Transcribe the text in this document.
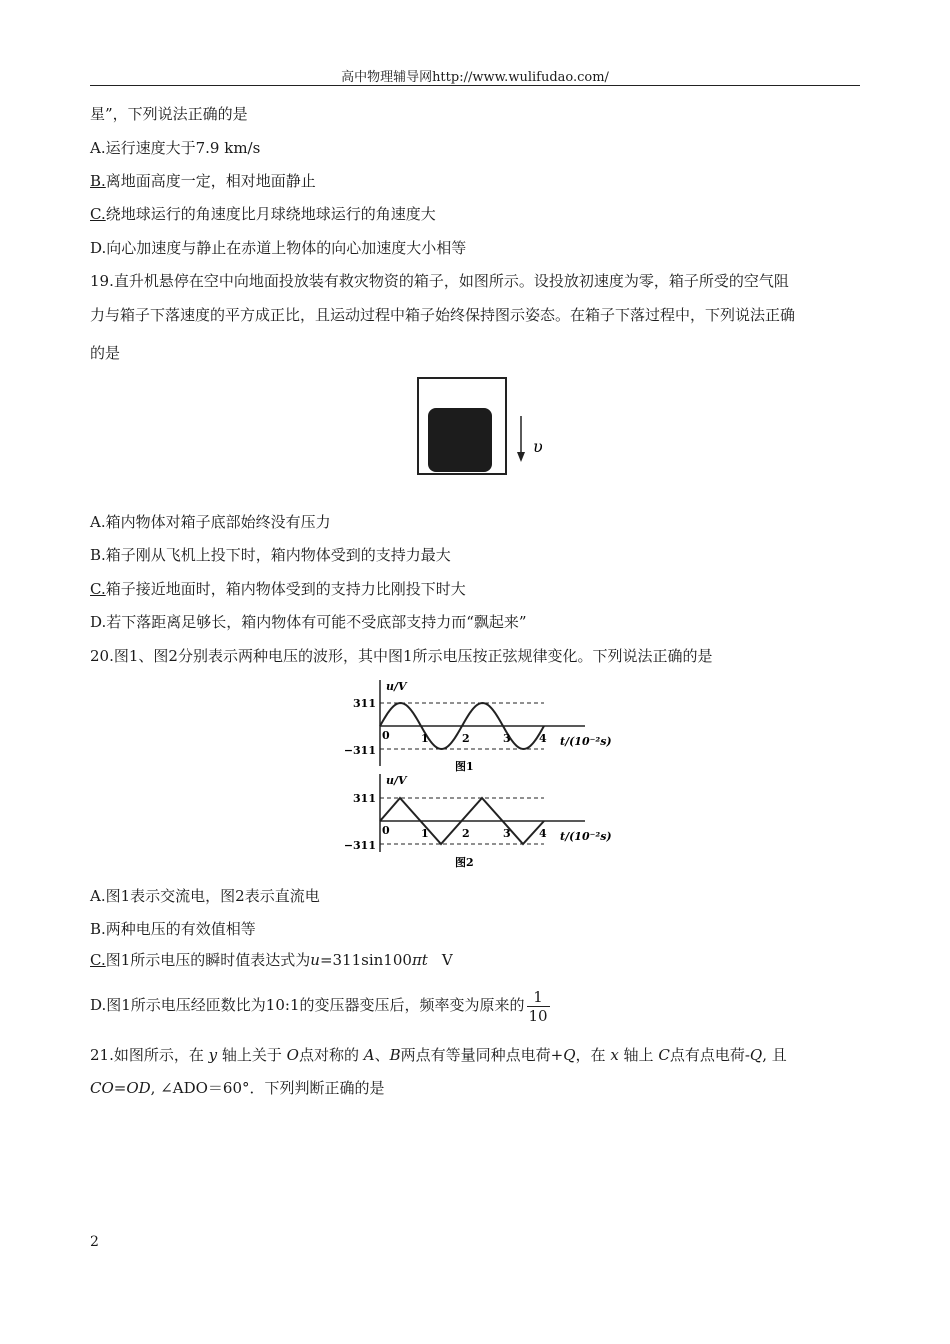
高中物理辅导网http://www.wulifudao.com/
星”，下列说法正确的是
A.运行速度大于7.9 km/s
B.离地面高度一定，相对地面静止
C.绕地球运行的角速度比月球绕地球运行的角速度大
D.向心加速度与静止在赤道上物体的向心加速度大小相等
19.直升机悬停在空中向地面投放装有救灾物资的箱子，如图所示。设投放初速度为零，箱子所受的空气阻
力与箱子下落速度的平方成正比，且运动过程中箱子始终保持图示姿态。在箱子下落过程中，下列说法正确
的是
υ
A.箱内物体对箱子底部始终没有压力
B.箱子刚从飞机上投下时，箱内物体受到的支持力最大
C.箱子接近地面时，箱内物体受到的支持力比刚投下时大
D.若下落距离足够长，箱内物体有可能不受底部支持力而“飘起来”
20.图1、图2分别表示两种电压的波形，其中图1所示电压按正弦规律变化。下列说法正确的是
u/V
311
−311
0	1	2	3	4 t/(10⁻²s)
图1
u/V
311
−311
0	1	2	3	4 t/(10⁻²s)
图2
A.图1表示交流电，图2表示直流电
B.两种电压的有效值相等
C.图1所示电压的瞬时值表达式为u=311sin100πt V
D.图1所示电压经匝数比为10:1的变压器变压后，频率变为原来的 $\frac{1}{10}$
21.如图所示，在 y 轴上关于 O点对称的 A、B两点有等量同种点电荷+Q，在 x 轴上 C点有点电荷-Q, 且
CO=OD, ∠ADO＝60°．下列判断正确的是
2
